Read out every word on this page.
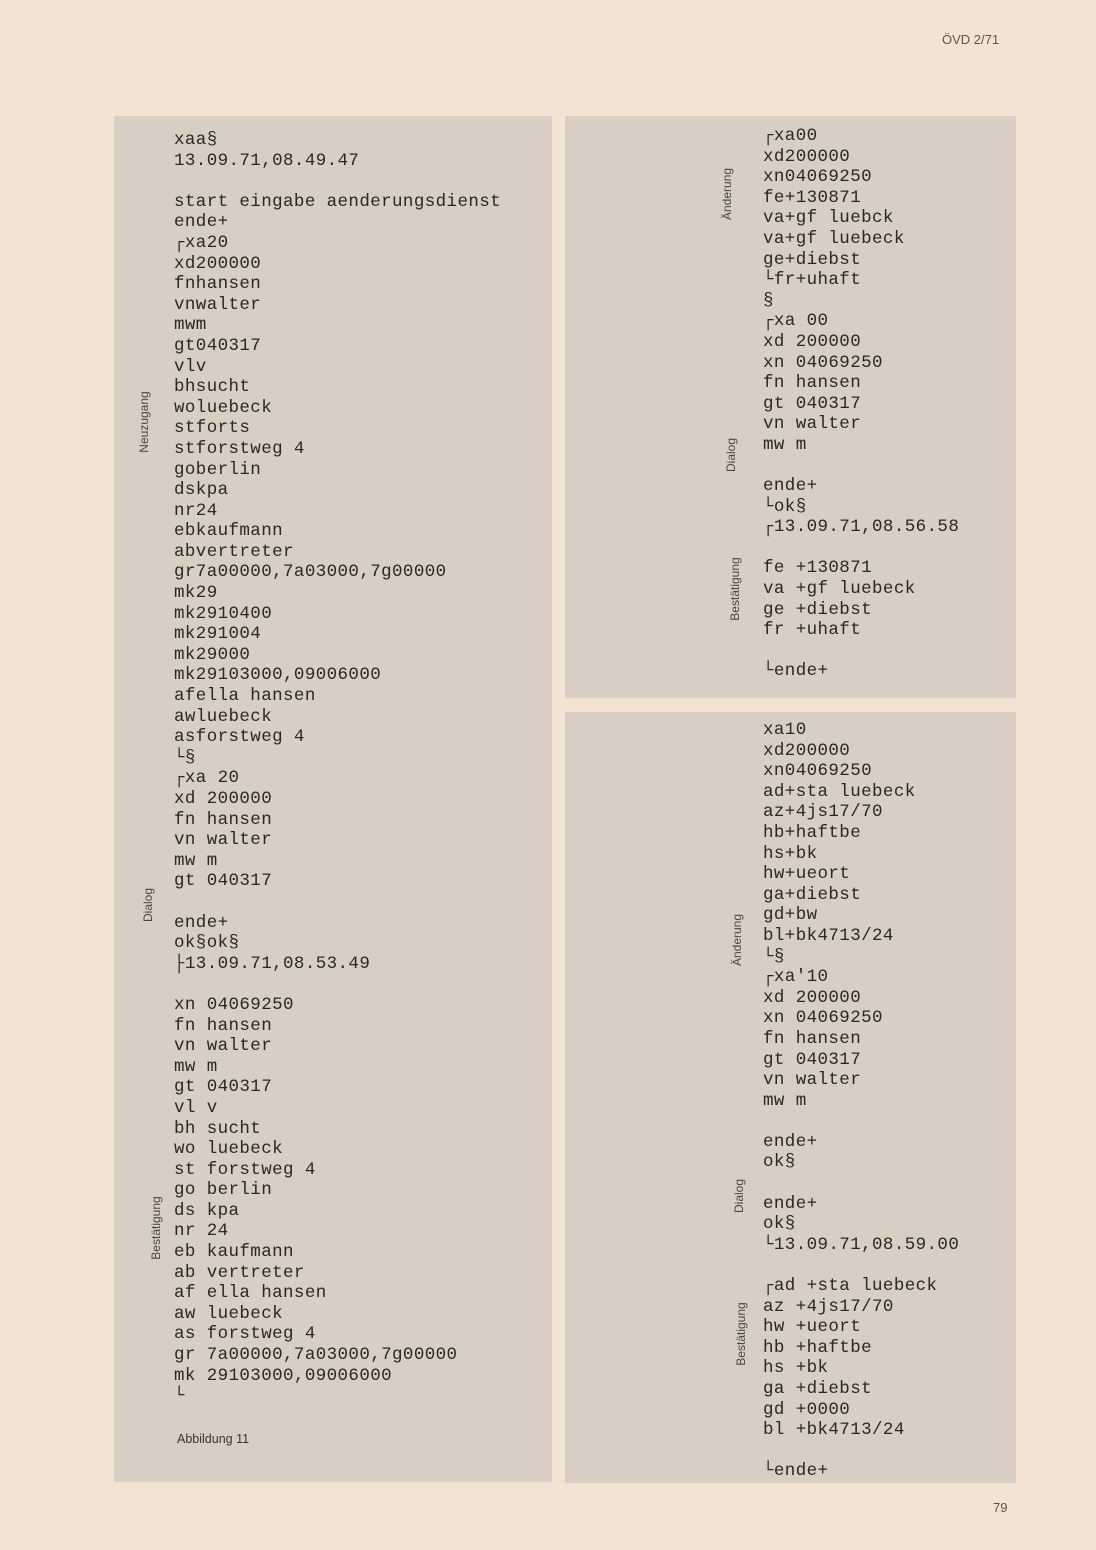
ÖVD 2/71
xaa§
13.09.71,08.49.47
start eingabe aenderungsdienst
ende+
┌xa20
xd200000
fnhansen
vnwalter
mwm
gt040317
vlv
bhsucht
woluebeck
stforts
stforstweg 4
goberlin
dskpa
nr24
ebkaufmann
abvertreter
gr7a00000,7a03000,7g00000
mk29
mk2910400
mk291004
mk29000
mk29103000,09006000
afella hansen
awluebeck
asforstweg 4
└§
┌xa 20
xd 200000
fn hansen
vn walter
mw m
gt 040317
ende+
ok§ok§
├13.09.71,08.53.49
xn 04069250
fn hansen
vn walter
mw m
gt 040317
vl v
bh sucht
wo luebeck
st forstweg 4
go berlin
ds kpa
nr 24
eb kaufmann
ab vertreter
af ella hansen
aw luebeck
as forstweg 4
gr 7a00000,7a03000,7g00000
mk 29103000,09006000
└
Neuzugang
Dialog
Bestätigung
Abbildung 11
┌xa00
xd200000
xn04069250
fe+130871
va+gf luebck
va+gf luebeck
ge+diebst
└fr+uhaft
§
┌xa 00
xd 200000
xn 04069250
fn hansen
gt 040317
vn walter
mw m
ende+
└ok§
┌13.09.71,08.56.58
fe +130871
va +gf luebeck
ge +diebst
fr +uhaft
└ende+
Änderung
Dialog
Bestätigung
xa10
xd200000
xn04069250
ad+sta luebeck
az+4js17/70
hb+haftbe
hs+bk
hw+ueort
ga+diebst
gd+bw
bl+bk4713/24
└§
┌xa'10
xd 200000
xn 04069250
fn hansen
gt 040317
vn walter
mw m
ende+
ok§
ende+
ok§
└13.09.71,08.59.00
┌ad +sta luebeck
az +4js17/70
hw +ueort
hb +haftbe
hs +bk
ga +diebst
gd +0000
bl +bk4713/24
└ende+
Änderung
Dialog
Bestätigung
79
